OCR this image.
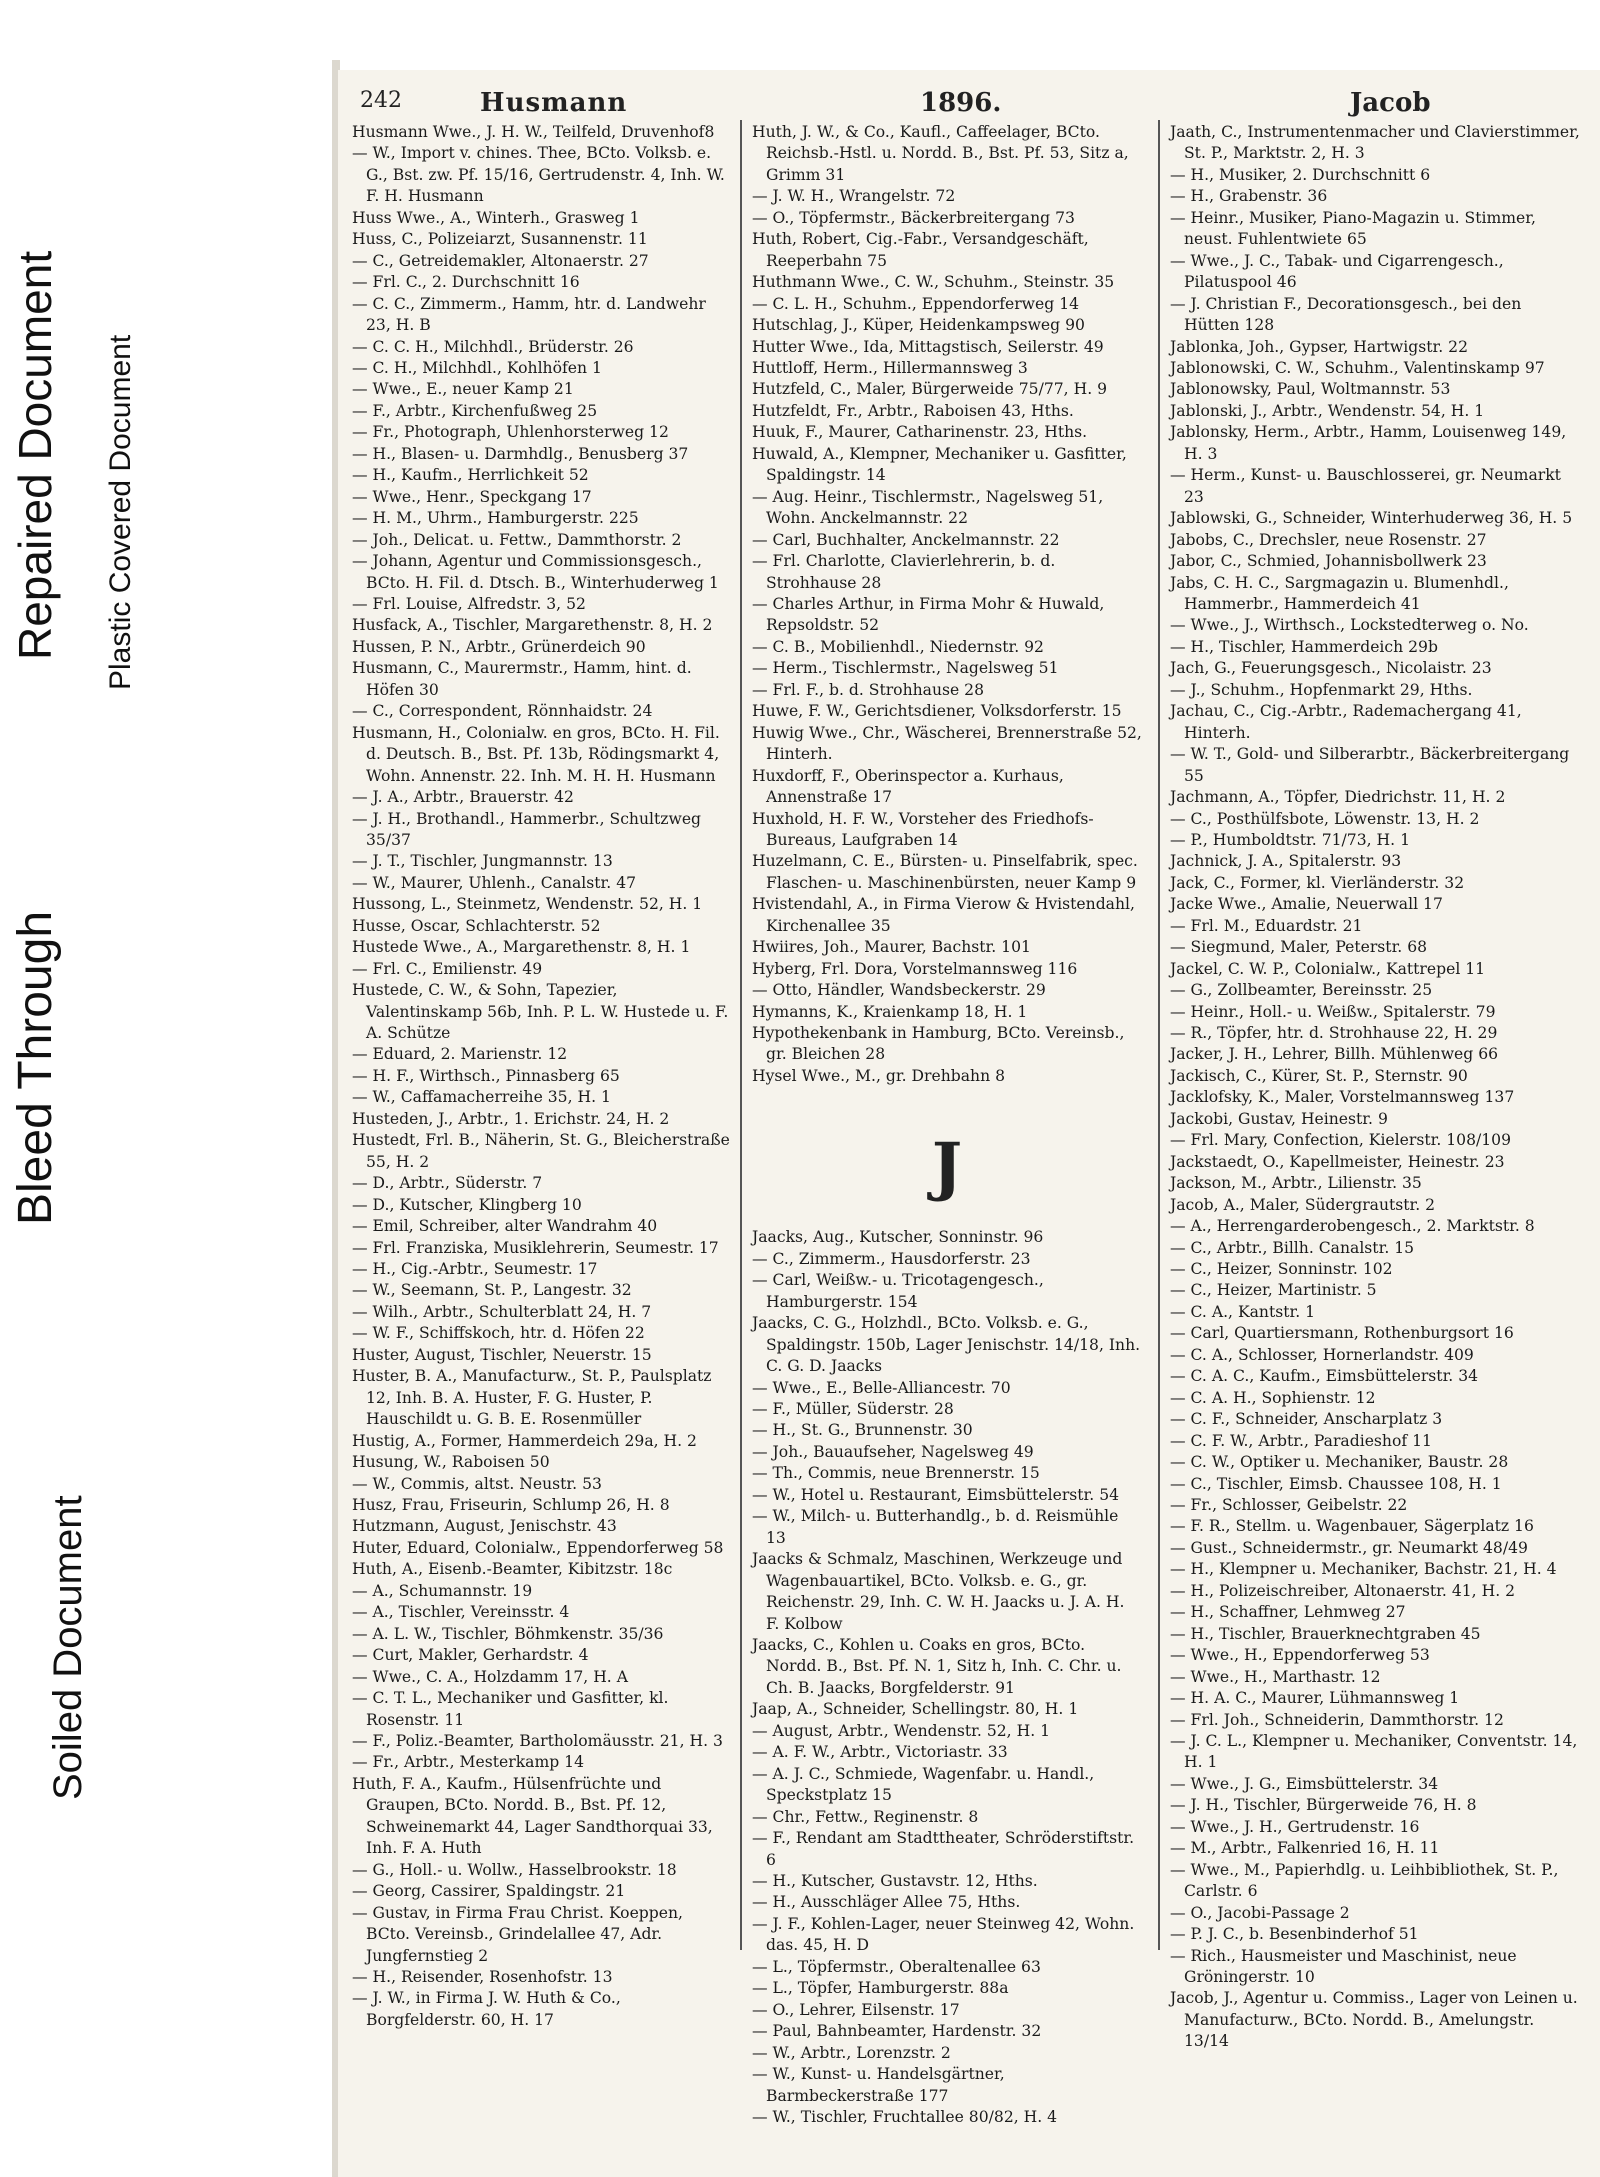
Soiled Document
Bleed Through
Repaired Document Plastic Covered Document
242	Husmann	1896.	Jacob
Husmann Wwe., J. H. W., Teilfeld, Druvenhof8
— W., Import v. chines. Thee, BCto. Volksb. e. G., Bst. zw. Pf. 15/16, Gertrudenstr. 4, Inh. W. F. H. Husmann
Huss Wwe., A., Winterh., Grasweg 1
Huss, C., Polizeiarzt, Susannenstr. 11
— C., Getreidemakler, Altonaerstr. 27
— Frl. C., 2. Durchschnitt 16
— C. C., Zimmerm., Hamm, htr. d. Landwehr 23, H. B
— C. C. H., Milchhdl., Brüderstr. 26
— C. H., Milchhdl., Kohlhöfen 1
— Wwe., E., neuer Kamp 21
— F., Arbtr., Kirchenfußweg 25
— Fr., Photograph, Uhlenhorsterweg 12
— H., Blasen- u. Darmhdlg., Benusberg 37
— H., Kaufm., Herrlichkeit 52
— Wwe., Henr., Speckgang 17
— H. M., Uhrm., Hamburgerstr. 225
— Joh., Delicat. u. Fettw., Dammthorstr. 2
— Johann, Agentur und Commissionsgesch., BCto. H. Fil. d. Dtsch. B., Winterhuderweg 1
— Frl. Louise, Alfredstr. 3, 52
Husfack, A., Tischler, Margarethenstr. 8, H. 2
Hussen, P. N., Arbtr., Grünerdeich 90
Husmann, C., Maurermstr., Hamm, hint. d. Höfen 30
— C., Correspondent, Rönnhaidstr. 24
Husmann, H., Colonialw. en gros, BCto. H. Fil. d. Deutsch. B., Bst. Pf. 13b, Rödingsmarkt 4, Wohn. Annenstr. 22. Inh. M. H. H. Husmann
— J. A., Arbtr., Brauerstr. 42
— J. H., Brothandl., Hammerbr., Schultzweg 35/37
— J. T., Tischler, Jungmannstr. 13
— W., Maurer, Uhlenh., Canalstr. 47
Hussong, L., Steinmetz, Wendenstr. 52, H. 1
Husse, Oscar, Schlachterstr. 52
Hustede Wwe., A., Margarethenstr. 8, H. 1
— Frl. C., Emilienstr. 49
Hustede, C. W., & Sohn, Tapezier, Valentinskamp 56b, Inh. P. L. W. Hustede u. F. A. Schütze
— Eduard, 2. Marienstr. 12
— H. F., Wirthsch., Pinnasberg 65
— W., Caffamacherreihe 35, H. 1
Husteden, J., Arbtr., 1. Erichstr. 24, H. 2
Hustedt, Frl. B., Näherin, St. G., Bleicherstraße 55, H. 2
— D., Arbtr., Süderstr. 7
— D., Kutscher, Klingberg 10
— Emil, Schreiber, alter Wandrahm 40
— Frl. Franziska, Musiklehrerin, Seumestr. 17
— H., Cig.-Arbtr., Seumestr. 17
— W., Seemann, St. P., Langestr. 32
— Wilh., Arbtr., Schulterblatt 24, H. 7
— W. F., Schiffskoch, htr. d. Höfen 22
Huster, August, Tischler, Neuerstr. 15
Huster, B. A., Manufacturw., St. P., Paulsplatz 12, Inh. B. A. Huster, F. G. Huster, P. Hauschildt u. G. B. E. Rosenmüller
Hustig, A., Former, Hammerdeich 29a, H. 2
Husung, W., Raboisen 50
— W., Commis, altst. Neustr. 53
Husz, Frau, Friseurin, Schlump 26, H. 8
Hutzmann, August, Jenischstr. 43
Huter, Eduard, Colonialw., Eppendorferweg 58
Huth, A., Eisenb.-Beamter, Kibitzstr. 18c
— A., Schumannstr. 19
— A., Tischler, Vereinsstr. 4
— A. L. W., Tischler, Böhmkenstr. 35/36
— Curt, Makler, Gerhardstr. 4
— Wwe., C. A., Holzdamm 17, H. A
— C. T. L., Mechaniker und Gasfitter, kl. Rosenstr. 11
— F., Poliz.-Beamter, Bartholomäusstr. 21, H. 3
— Fr., Arbtr., Mesterkamp 14
Huth, F. A., Kaufm., Hülsenfrüchte und Graupen, BCto. Nordd. B., Bst. Pf. 12, Schweinemarkt 44, Lager Sandthorquai 33, Inh. F. A. Huth
— G., Holl.- u. Wollw., Hasselbrookstr. 18
— Georg, Cassirer, Spaldingstr. 21
— Gustav, in Firma Frau Christ. Koeppen, BCto. Vereinsb., Grindelallee 47, Adr. Jungfernstieg 2
— H., Reisender, Rosenhofstr. 13
— J. W., in Firma J. W. Huth & Co., Borgfelderstr. 60, H. 17
Huth, J. W., & Co., Kaufl., Caffeelager, BCto. Reichsb.-Hstl. u. Nordd. B., Bst. Pf. 53, Sitz a, Grimm 31
— J. W. H., Wrangelstr. 72
— O., Töpfermstr., Bäckerbreitergang 73
Huth, Robert, Cig.-Fabr., Versandgeschäft, Reeperbahn 75
Huthmann Wwe., C. W., Schuhm., Steinstr. 35
— C. L. H., Schuhm., Eppendorferweg 14
Hutschlag, J., Küper, Heidenkampsweg 90
Hutter Wwe., Ida, Mittagstisch, Seilerstr. 49
Huttloff, Herm., Hillermannsweg 3
Hutzfeld, C., Maler, Bürgerweide 75/77, H. 9
Hutzfeldt, Fr., Arbtr., Raboisen 43, Hths.
Huuk, F., Maurer, Catharinenstr. 23, Hths.
Huwald, A., Klempner, Mechaniker u. Gasfitter, Spaldingstr. 14
— Aug. Heinr., Tischlermstr., Nagelsweg 51, Wohn. Anckelmannstr. 22
— Carl, Buchhalter, Anckelmannstr. 22
— Frl. Charlotte, Clavierlehrerin, b. d. Strohhause 28
— Charles Arthur, in Firma Mohr & Huwald, Repsoldstr. 52
— C. B., Mobilienhdl., Niedernstr. 92
— Herm., Tischlermstr., Nagelsweg 51
— Frl. F., b. d. Strohhause 28
Huwe, F. W., Gerichtsdiener, Volksdorferstr. 15
Huwig Wwe., Chr., Wäscherei, Brennerstraße 52, Hinterh.
Huxdorff, F., Oberinspector a. Kurhaus, Annenstraße 17
Huxhold, H. F. W., Vorsteher des Friedhofs-Bureaus, Laufgraben 14
Huzelmann, C. E., Bürsten- u. Pinselfabrik, spec. Flaschen- u. Maschinenbürsten, neuer Kamp 9
Hvistendahl, A., in Firma Vierow & Hvistendahl, Kirchenallee 35
Hwiires, Joh., Maurer, Bachstr. 101
Hyberg, Frl. Dora, Vorstelmannsweg 116
— Otto, Händler, Wandsbeckerstr. 29
Hymanns, K., Kraienkamp 18, H. 1
Hypothekenbank in Hamburg, BCto. Vereinsb., gr. Bleichen 28
Hysel Wwe., M., gr. Drehbahn 8
J
Jaacks, Aug., Kutscher, Sonninstr. 96
— C., Zimmerm., Hausdorferstr. 23
— Carl, Weißw.- u. Tricotagengesch., Hamburgerstr. 154
Jaacks, C. G., Holzhdl., BCto. Volksb. e. G., Spaldingstr. 150b, Lager Jenischstr. 14/18, Inh. C. G. D. Jaacks
— Wwe., E., Belle-Alliancestr. 70
— F., Müller, Süderstr. 28
— H., St. G., Brunnenstr. 30
— Joh., Bauaufseher, Nagelsweg 49
— Th., Commis, neue Brennerstr. 15
— W., Hotel u. Restaurant, Eimsbüttelerstr. 54
— W., Milch- u. Butterhandlg., b. d. Reismühle 13
Jaacks & Schmalz, Maschinen, Werkzeuge und Wagenbauartikel, BCto. Volksb. e. G., gr. Reichenstr. 29, Inh. C. W. H. Jaacks u. J. A. H. F. Kolbow
Jaacks, C., Kohlen u. Coaks en gros, BCto. Nordd. B., Bst. Pf. N. 1, Sitz h, Inh. C. Chr. u. Ch. B. Jaacks, Borgfelderstr. 91
Jaap, A., Schneider, Schellingstr. 80, H. 1
— August, Arbtr., Wendenstr. 52, H. 1
— A. F. W., Arbtr., Victoriastr. 33
— A. J. C., Schmiede, Wagenfabr. u. Handl., Speckstplatz 15
— Chr., Fettw., Reginenstr. 8
— F., Rendant am Stadttheater, Schröderstiftstr. 6
— H., Kutscher, Gustavstr. 12, Hths.
— H., Ausschläger Allee 75, Hths.
— J. F., Kohlen-Lager, neuer Steinweg 42, Wohn. das. 45, H. D
— L., Töpfermstr., Oberaltenallee 63
— L., Töpfer, Hamburgerstr. 88a
— O., Lehrer, Eilsenstr. 17
— Paul, Bahnbeamter, Hardenstr. 32
— W., Arbtr., Lorenzstr. 2
— W., Kunst- u. Handelsgärtner, Barmbeckerstraße 177
— W., Tischler, Fruchtallee 80/82, H. 4
Jaath, C., Instrumentenmacher und Clavierstimmer, St. P., Marktstr. 2, H. 3
— H., Musiker, 2. Durchschnitt 6
— H., Grabenstr. 36
— Heinr., Musiker, Piano-Magazin u. Stimmer, neust. Fuhlentwiete 65
— Wwe., J. C., Tabak- und Cigarrengesch., Pilatuspool 46
— J. Christian F., Decorationsgesch., bei den Hütten 128
Jablonka, Joh., Gypser, Hartwigstr. 22
Jablonowski, C. W., Schuhm., Valentinskamp 97
Jablonowsky, Paul, Woltmannstr. 53
Jablonski, J., Arbtr., Wendenstr. 54, H. 1
Jablonsky, Herm., Arbtr., Hamm, Louisenweg 149, H. 3
— Herm., Kunst- u. Bauschlosserei, gr. Neumarkt 23
Jablowski, G., Schneider, Winterhuderweg 36, H. 5
Jabobs, C., Drechsler, neue Rosenstr. 27
Jabor, C., Schmied, Johannisbollwerk 23
Jabs, C. H. C., Sargmagazin u. Blumenhdl., Hammerbr., Hammerdeich 41
— Wwe., J., Wirthsch., Lockstedterweg o. No.
— H., Tischler, Hammerdeich 29b
Jach, G., Feuerungsgesch., Nicolaistr. 23
— J., Schuhm., Hopfenmarkt 29, Hths.
Jachau, C., Cig.-Arbtr., Rademachergang 41, Hinterh.
— W. T., Gold- und Silberarbtr., Bäckerbreitergang 55
Jachmann, A., Töpfer, Diedrichstr. 11, H. 2
— C., Posthülfsbote, Löwenstr. 13, H. 2
— P., Humboldtstr. 71/73, H. 1
Jachnick, J. A., Spitalerstr. 93
Jack, C., Former, kl. Vierländerstr. 32
Jacke Wwe., Amalie, Neuerwall 17
— Frl. M., Eduardstr. 21
— Siegmund, Maler, Peterstr. 68
Jackel, C. W. P., Colonialw., Kattrepel 11
— G., Zollbeamter, Bereinsstr. 25
— Heinr., Holl.- u. Weißw., Spitalerstr. 79
— R., Töpfer, htr. d. Strohhause 22, H. 29
Jacker, J. H., Lehrer, Billh. Mühlenweg 66
Jackisch, C., Kürer, St. P., Sternstr. 90
Jacklofsky, K., Maler, Vorstelmannsweg 137
Jackobi, Gustav, Heinestr. 9
— Frl. Mary, Confection, Kielerstr. 108/109
Jackstaedt, O., Kapellmeister, Heinestr. 23
Jackson, M., Arbtr., Lilienstr. 35
Jacob, A., Maler, Südergrautstr. 2
— A., Herrengarderobengesch., 2. Marktstr. 8
— C., Arbtr., Billh. Canalstr. 15
— C., Heizer, Sonninstr. 102
— C., Heizer, Martinistr. 5
— C. A., Kantstr. 1
— Carl, Quartiersmann, Rothenburgsort 16
— C. A., Schlosser, Hornerlandstr. 409
— C. A. C., Kaufm., Eimsbüttelerstr. 34
— C. A. H., Sophienstr. 12
— C. F., Schneider, Anscharplatz 3
— C. F. W., Arbtr., Paradieshof 11
— C. W., Optiker u. Mechaniker, Baustr. 28
— C., Tischler, Eimsb. Chaussee 108, H. 1
— Fr., Schlosser, Geibelstr. 22
— F. R., Stellm. u. Wagenbauer, Sägerplatz 16
— Gust., Schneidermstr., gr. Neumarkt 48/49
— H., Klempner u. Mechaniker, Bachstr. 21, H. 4
— H., Polizeischreiber, Altonaerstr. 41, H. 2
— H., Schaffner, Lehmweg 27
— H., Tischler, Brauerknechtgraben 45
— Wwe., H., Eppendorferweg 53
— Wwe., H., Marthastr. 12
— H. A. C., Maurer, Lühmannsweg 1
— Frl. Joh., Schneiderin, Dammthorstr. 12
— J. C. L., Klempner u. Mechaniker, Conventstr. 14, H. 1
— Wwe., J. G., Eimsbüttelerstr. 34
— J. H., Tischler, Bürgerweide 76, H. 8
— Wwe., J. H., Gertrudenstr. 16
— M., Arbtr., Falkenried 16, H. 11
— Wwe., M., Papierhdlg. u. Leihbibliothek, St. P., Carlstr. 6
— O., Jacobi-Passage 2
— P. J. C., b. Besenbinderhof 51
— Rich., Hausmeister und Maschinist, neue Gröningerstr. 10
Jacob, J., Agentur u. Commiss., Lager von Leinen u. Manufacturw., BCto. Nordd. B., Amelungstr. 13/14
